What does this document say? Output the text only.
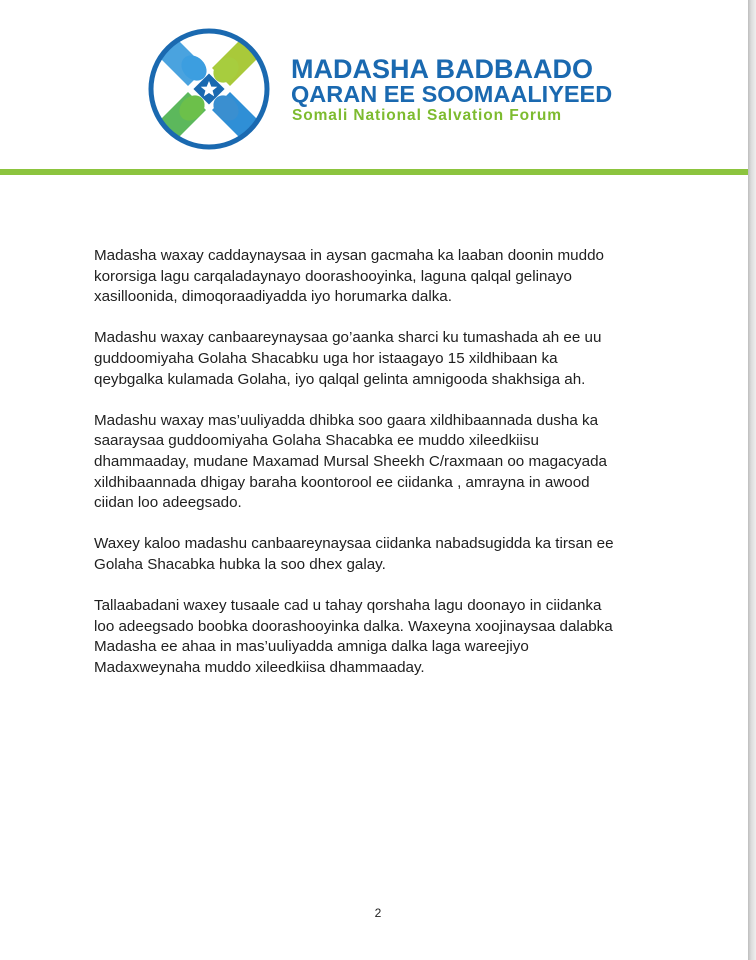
MADASHA BADBAADO
QARAN EE SOOMAALIYEED
Somali National Salvation Forum

Madasha waxay caddaynaysaa in aysan gacmaha ka laaban doonin muddo
kororsiga lagu carqaladaynayo doorashooyinka, laguna qalqal gelinayo
xasilloonida, dimoqoraadiyadda iyo horumarka dalka.

Madashu waxay canbaareynaysaa go’aanka sharci ku tumashada ah ee uu
guddoomiyaha Golaha Shacabku uga hor istaagayo 15 xildhibaan ka
qeybgalka kulamada Golaha, iyo qalqal gelinta amnigooda shakhsiga ah.

Madashu waxay mas’uuliyadda dhibka soo gaara xildhibaannada dusha ka
saaraysaa guddoomiyaha Golaha Shacabka ee muddo xileedkiisu
dhammaaday, mudane Maxamad Mursal Sheekh C/raxmaan oo magacyada
xildhibaannada dhigay baraha koontorool ee ciidanka , amrayna in awood
ciidan loo adeegsado.

Waxey kaloo madashu canbaareynaysaa ciidanka nabadsugidda ka tirsan ee
Golaha Shacabka hubka la soo dhex galay.

Tallaabadani waxey tusaale cad u tahay qorshaha lagu doonayo in ciidanka
loo adeegsado boobka doorashooyinka dalka. Waxeyna xoojinaysaa dalabka
Madasha ee ahaa in mas’uuliyadda amniga dalka laga wareejiyo
Madaxweynaha muddo xileedkiisa dhammaaday.

2
